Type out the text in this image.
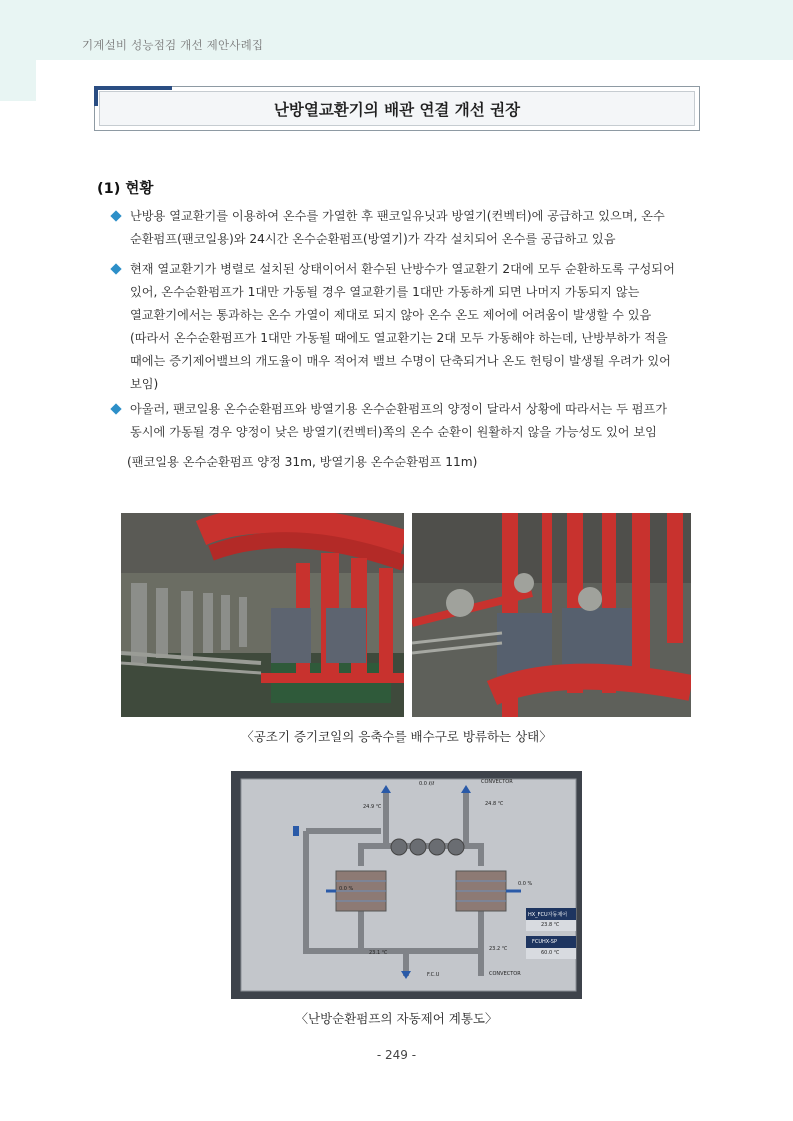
기계설비 성능점검 개선 제안사례집
난방열교환기의 배관 연결 개선 권장
(1) 현황
난방용 열교환기를 이용하여 온수를 가열한 후 팬코일유닛과 방열기(컨벡터)에 공급하고 있으며, 온수
순환펌프(팬코일용)와 24시간 온수순환펌프(방열기)가 각각 설치되어 온수를 공급하고 있음
현재 열교환기가 병렬로 설치된 상태이어서 환수된 난방수가 열교환기 2대에 모두 순환하도록 구성되어
있어, 온수순환펌프가 1대만 가동될 경우 열교환기를 1대만 가동하게 되면 나머지 가동되지 않는
열교환기에서는 통과하는 온수 가열이 제대로 되지 않아 온수 온도 제어에 어려움이 발생할 수 있음
(따라서 온수순환펌프가 1대만 가동될 때에도 열교환기는 2대 모두 가동해야 하는데, 난방부하가 적을
때에는 증기제어밸브의 개도율이 매우 적어져 밸브 수명이 단축되거나 온도 헌팅이 발생될 우려가 있어
보임)
아울러, 팬코일용 온수순환펌프와 방열기용 온수순환펌프의 양정이 달라서 상황에 따라서는 두 펌프가
동시에 가동될 경우 양정이 낮은 방열기(컨벡터)쪽의 온수 순환이 원활하지 않을 가능성도 있어 보임
(팬코일용 온수순환펌프 양정 31m, 방열기용 온수순환펌프 11m)
〈공조기 증기코일의 응축수를 배수구로 방류하는 상태〉
0.0 ℓ/ℓ	CONVECTOR
24.9 ℃	24.8 ℃
0.0 %
0.0 %
HX_FCU자동제어
23.8 ℃
FCUHX-SP
60.0 ℃
23.1 ℃
23.2 ℃
F.C.U	CONVECTOR
〈난방순환펌프의 자동제어 계통도〉
- 249 -
